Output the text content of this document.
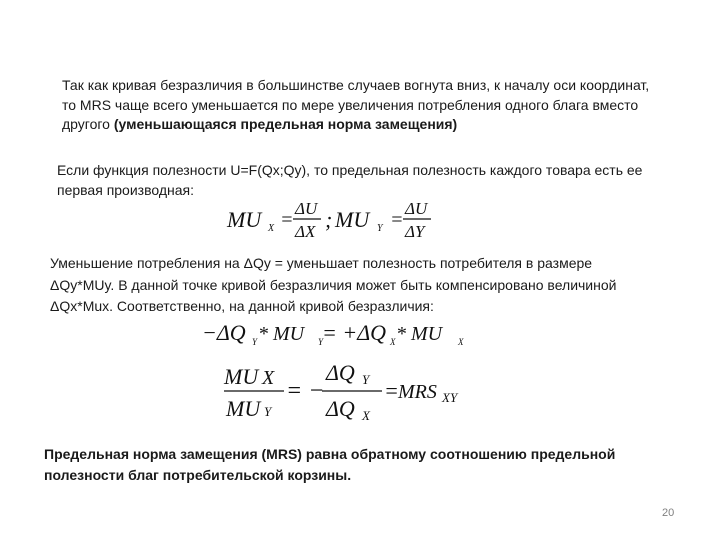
Так как кривая безразличия в большинстве случаев вогнута вниз, к началу оси координат,
то MRS чаще всего уменьшается по мере увеличения потребления одного блага вместо
другого (уменьшающаяся предельная норма замещения)
Если функция полезности U=F(Qx;Qy), то предельная полезность каждого товара есть ее
первая производная:
MU X =
ΔU
ΔX ; MU Y =
ΔU
ΔY
Уменьшение потребления на ΔQy = уменьшает полезность потребителя в размере
ΔQy*MUy. В данной точке кривой безразличия может быть компенсировано величиной
ΔQx*Mux. Соответственно, на данной кривой безразличия:
−ΔQ Y * MU Y
= +ΔQ X * MU X
MU X
MU Y
= −
ΔQ Y
ΔQ X
= MRS XY
Предельная норма замещения (MRS) равна обратному соотношению предельной
полезности благ потребительской корзины.
20
